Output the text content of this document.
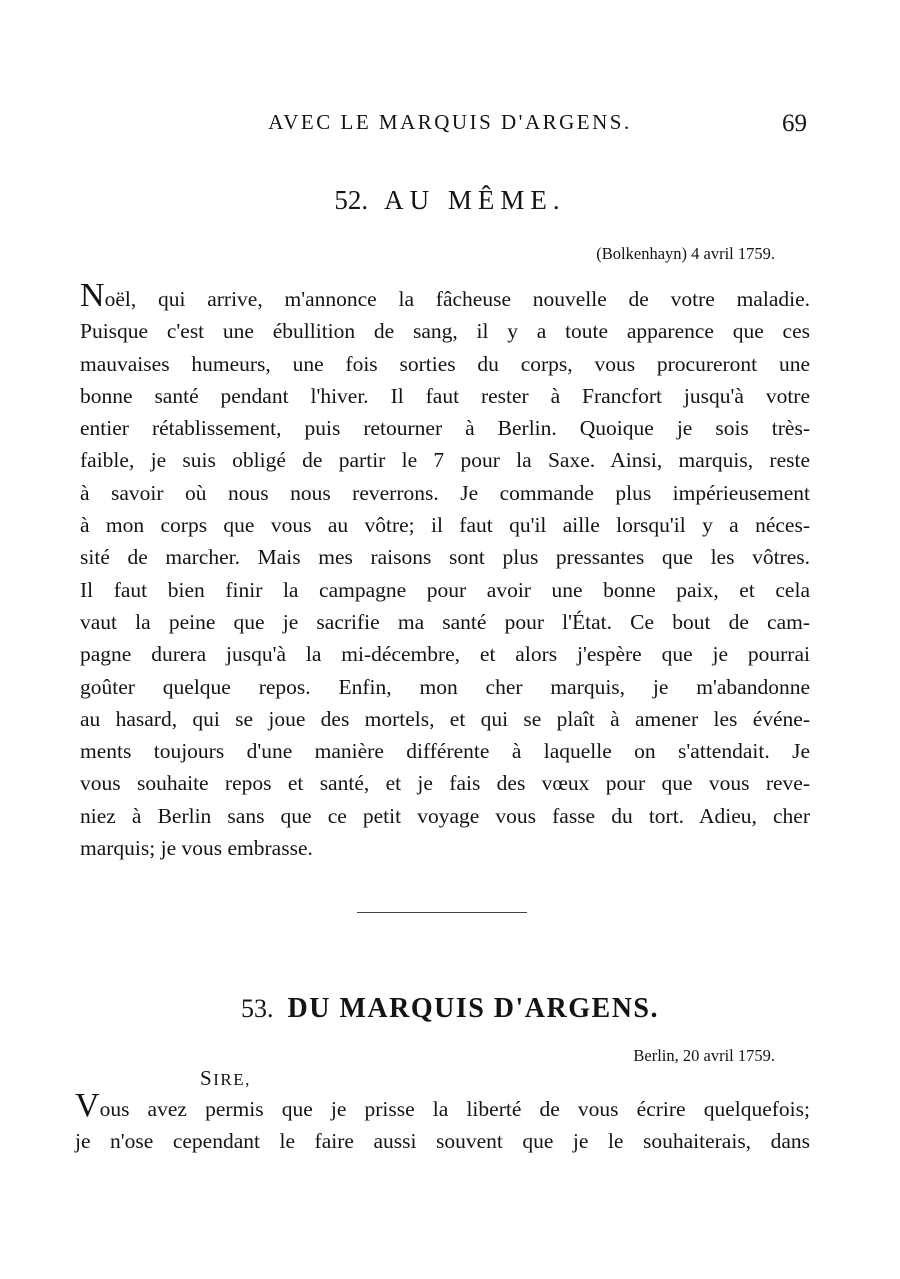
AVEC LE MARQUIS D'ARGENS.	69
52. AU MÊME.
(Bolkenhayn) 4 avril 1759.
Noël, qui arrive, m'annonce la fâcheuse nouvelle de votre maladie.
Puisque c'est une ébullition de sang, il y a toute apparence que ces
mauvaises humeurs, une fois sorties du corps, vous procureront une
bonne santé pendant l'hiver. Il faut rester à Francfort jusqu'à votre
entier rétablissement, puis retourner à Berlin. Quoique je sois très-
faible, je suis obligé de partir le 7 pour la Saxe. Ainsi, marquis, reste
à savoir où nous nous reverrons. Je commande plus impérieusement
à mon corps que vous au vôtre; il faut qu'il aille lorsqu'il y a néces-
sité de marcher. Mais mes raisons sont plus pressantes que les vôtres.
Il faut bien finir la campagne pour avoir une bonne paix, et cela
vaut la peine que je sacrifie ma santé pour l'État. Ce bout de cam-
pagne durera jusqu'à la mi-décembre, et alors j'espère que je pourrai
goûter quelque repos. Enfin, mon cher marquis, je m'abandonne
au hasard, qui se joue des mortels, et qui se plaît à amener les événe-
ments toujours d'une manière différente à laquelle on s'attendait. Je
vous souhaite repos et santé, et je fais des vœux pour que vous reve-
niez à Berlin sans que ce petit voyage vous fasse du tort. Adieu, cher
marquis; je vous embrasse.
53. DU MARQUIS D'ARGENS.
Berlin, 20 avril 1759.
SIRE,
Vous avez permis que je prisse la liberté de vous écrire quelquefois;
je n'ose cependant le faire aussi souvent que je le souhaiterais, dans
